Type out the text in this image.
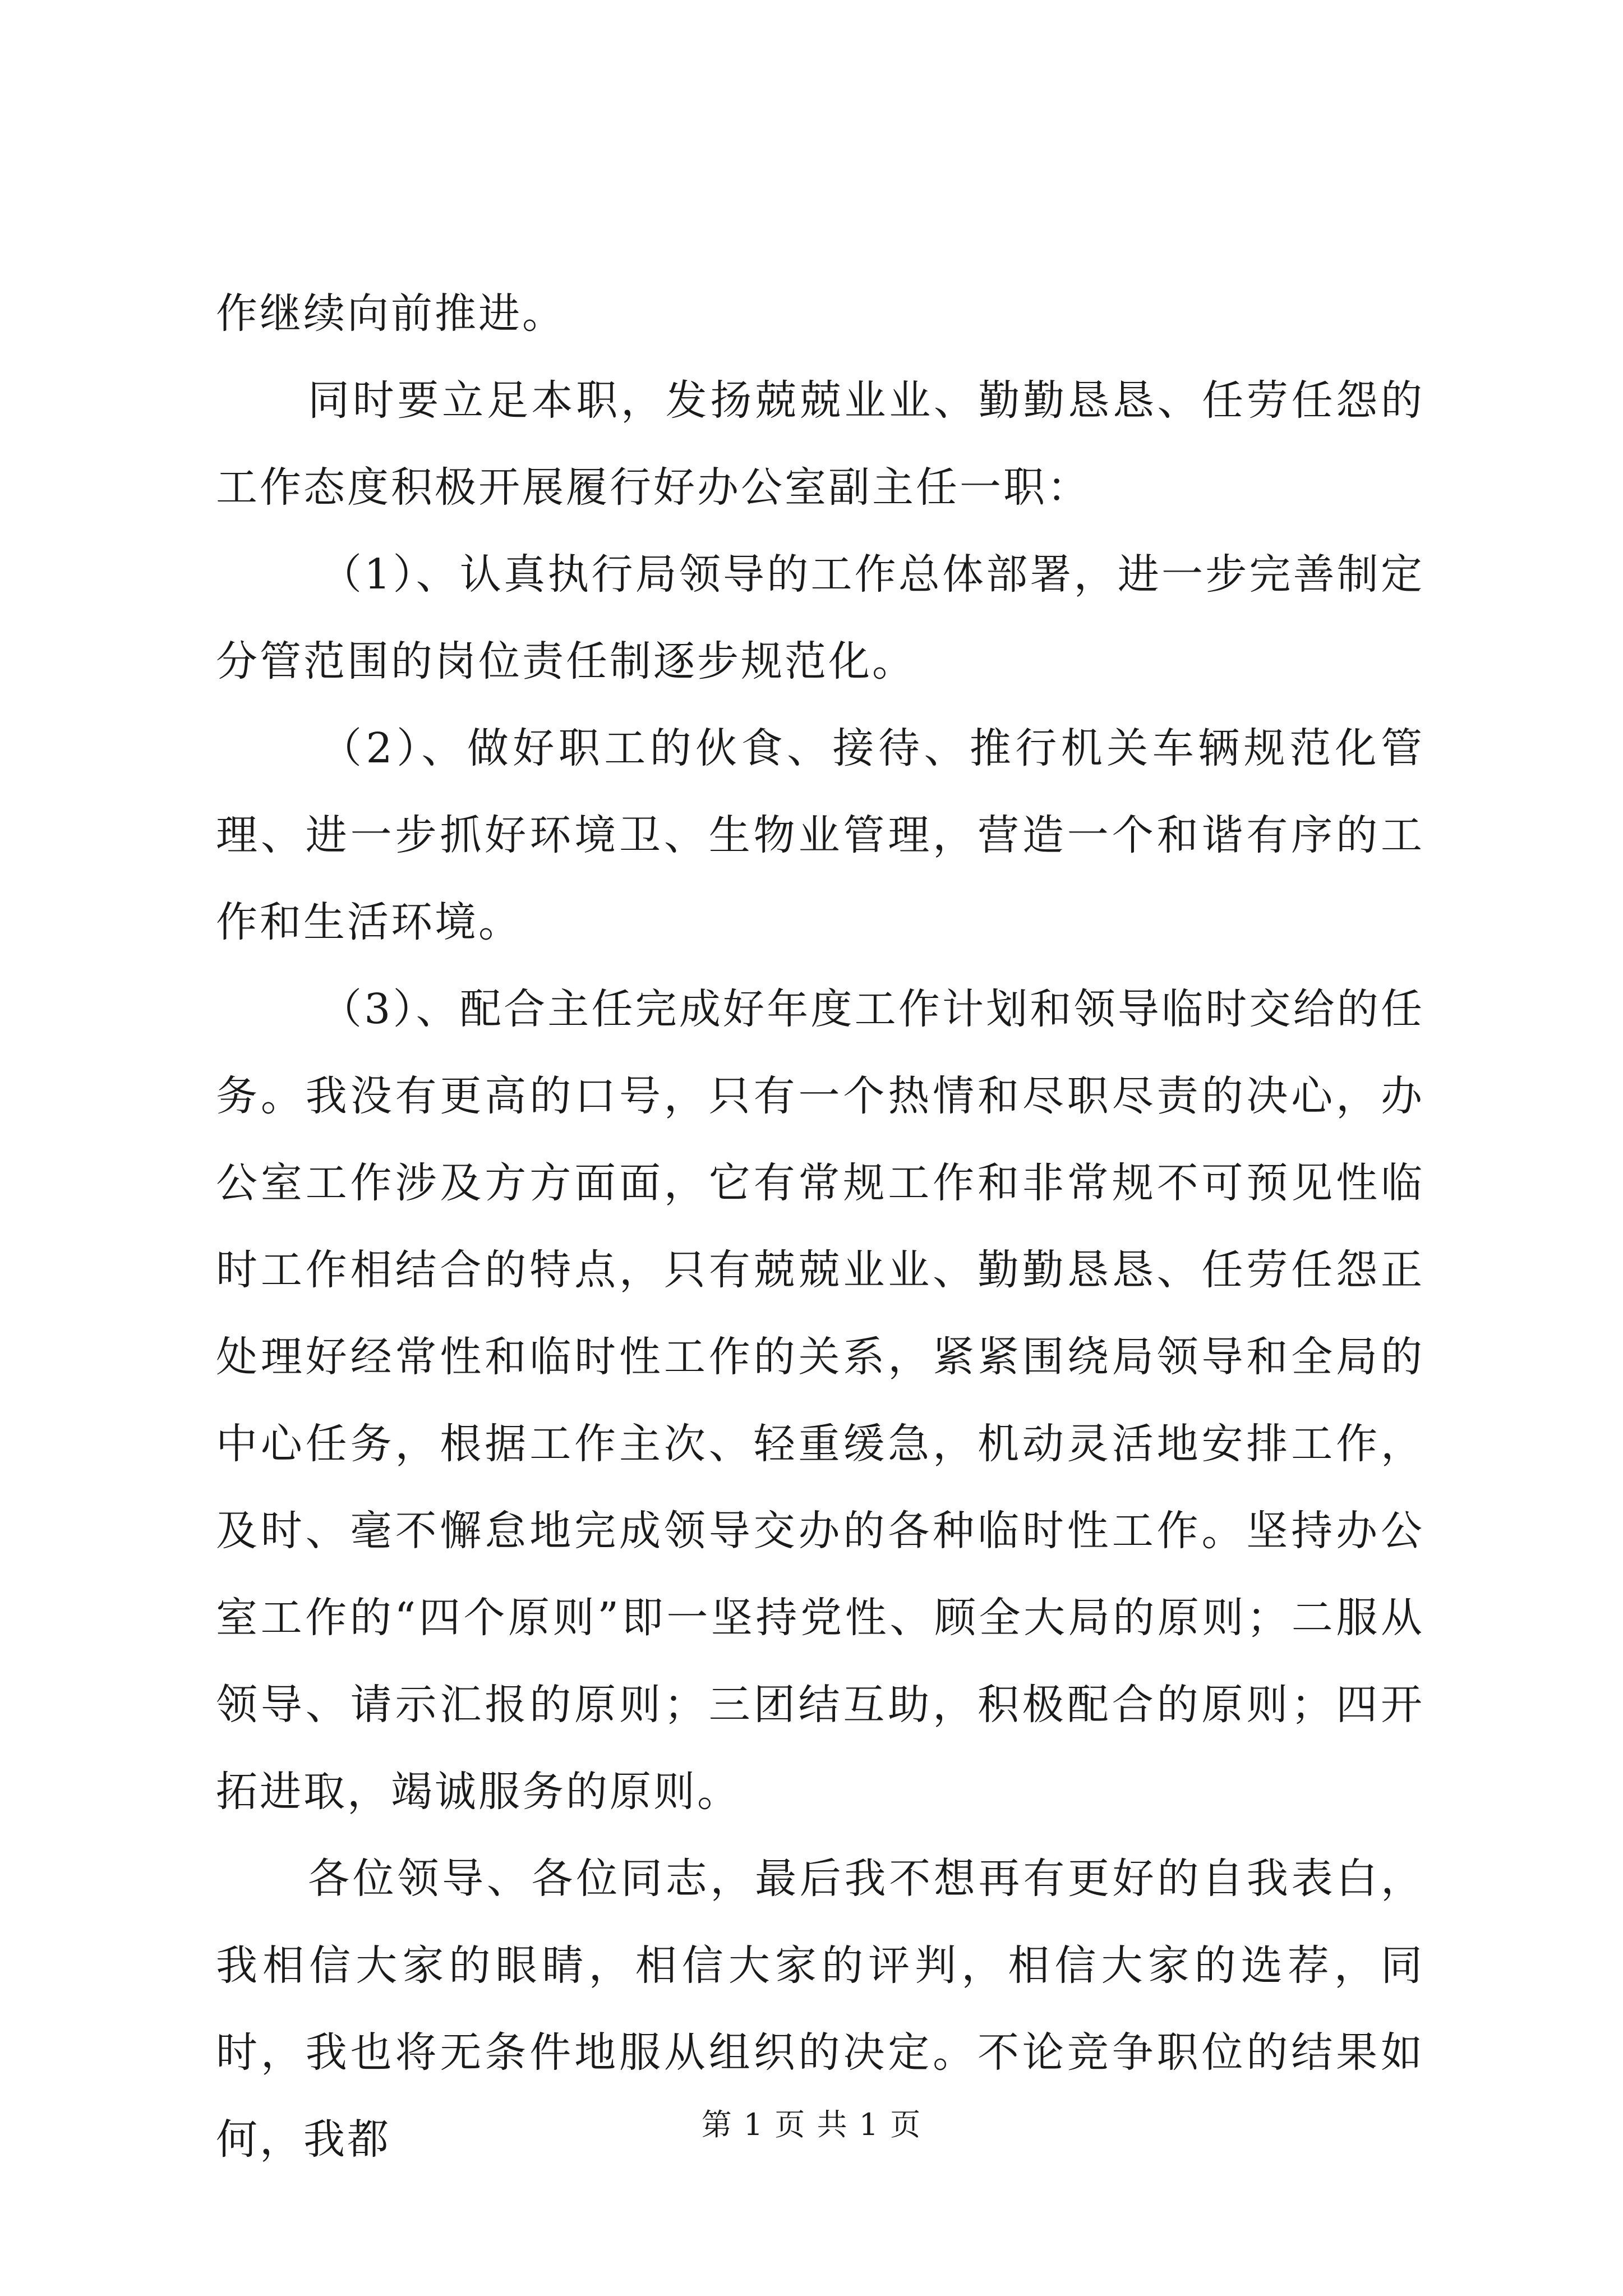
作继续向前推进。

同时要立足本职，发扬兢兢业业、勤勤恳恳、任劳任怨的工作态度积极开展履行好办公室副主任一职：

（1）、认真执行局领导的工作总体部署，进一步完善制定分管范围的岗位责任制逐步规范化。

（2）、做好职工的伙食、接待、推行机关车辆规范化管理、进一步抓好环境卫、生物业管理，营造一个和谐有序的工作和生活环境。

（3）、配合主任完成好年度工作计划和领导临时交给的任务。我没有更高的口号，只有一个热情和尽职尽责的决心，办公室工作涉及方方面面，它有常规工作和非常规不可预见性临时工作相结合的特点，只有兢兢业业、勤勤恳恳、任劳任怨正处理好经常性和临时性工作的关系，紧紧围绕局领导和全局的中心任务，根据工作主次、轻重缓急，机动灵活地安排工作，及时、毫不懈怠地完成领导交办的各种临时性工作。坚持办公室工作的“四个原则”即一坚持党性、顾全大局的原则；二服从领导、请示汇报的原则；三团结互助，积极配合的原则；四开拓进取，竭诚服务的原则。

各位领导、各位同志，最后我不想再有更好的自我表白，我相信大家的眼睛，相信大家的评判，相信大家的选荐，同时，我也将无条件地服从组织的决定。不论竞争职位的结果如何，我都	第 1 页 共 1 页
